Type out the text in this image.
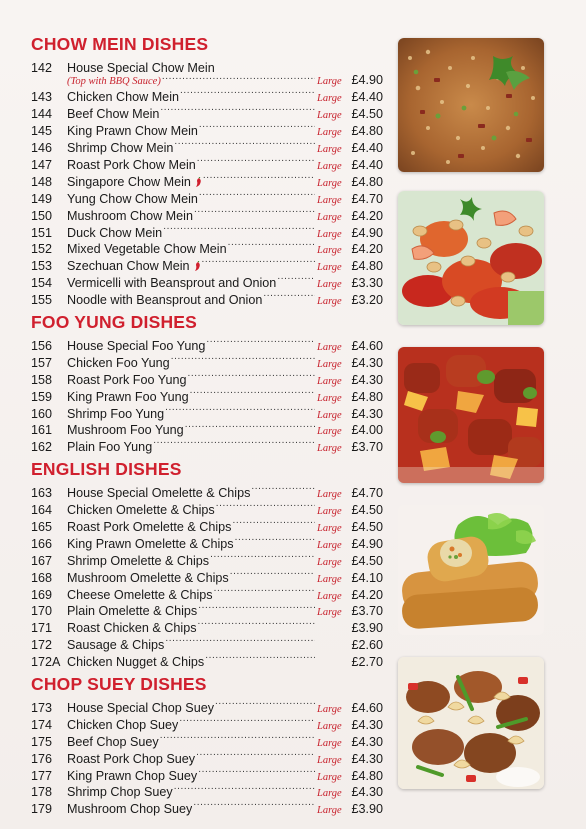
CHOW MEIN DISHES
142	House Special Chow Mein
(Top with BBQ Sauce) .....	Large £4.90
143	Chicken Chow Mein .....	Large £4.40
144	Beef Chow Mein .....	Large £4.50
145	King Prawn Chow Mein .....	Large £4.80
146	Shrimp Chow Mein .....	Large £4.40
147	Roast Pork Chow Mein .....	Large £4.40
148	Singapore Chow Mein .....	Large £4.80
149	Yung Chow Chow Mein .....	Large £4.70
150	Mushroom Chow Mein .....	Large £4.20
151	Duck Chow Mein .....	Large £4.90
152	Mixed Vegetable Chow Mein .....	Large £4.20
153	Szechuan Chow Mein .....	Large £4.80
154	Vermicelli with Beansprout and Onion .....	Large £3.30
155	Noodle with Beansprout and Onion .....	Large £3.20
FOO YUNG DISHES
156	House Special Foo Yung .....	Large £4.60
157	Chicken Foo Yung .....	Large £4.30
158	Roast Pork Foo Yung .....	Large £4.30
159	King Prawn Foo Yung .....	Large £4.80
160	Shrimp Foo Yung .....	Large £4.30
161	Mushroom Foo Yung .....	Large £4.00
162	Plain Foo Yung .....	Large £3.70
ENGLISH DISHES
163	House Special Omelette & Chips .....	Large £4.70
164	Chicken Omelette & Chips .....	Large £4.50
165	Roast Pork Omelette & Chips .....	Large £4.50
166	King Prawn Omelette & Chips .....	Large £4.90
167	Shrimp Omelette & Chips .....	Large £4.50
168	Mushroom Omelette & Chips .....	Large £4.10
169	Cheese Omelette & Chips .....	Large £4.20
170	Plain Omelette & Chips .....	Large £3.70
171	Roast Chicken & Chips .....	£3.90
172	Sausage & Chips .....	£2.60
172A Chicken Nugget & Chips .....	£2.70
CHOP SUEY DISHES
173	House Special Chop Suey .....	Large £4.60
174	Chicken Chop Suey .....	Large £4.30
175	Beef Chop Suey .....	Large £4.30
176	Roast Pork Chop Suey .....	Large £4.30
177	King Prawn Chop Suey .....	Large £4.80
178	Shrimp Chop Suey .....	Large £4.30
179	Mushroom Chop Suey .....	Large £3.90
